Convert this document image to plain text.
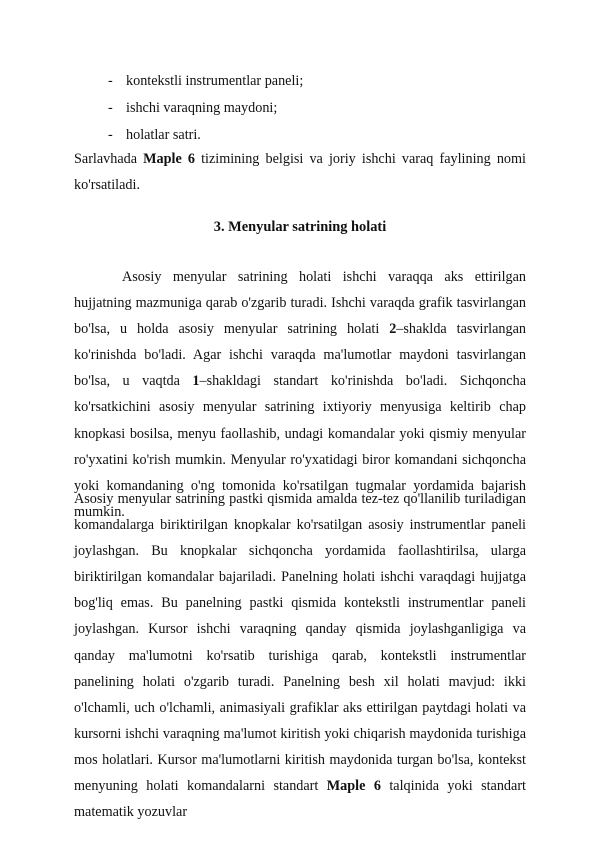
- kontekstli instrumentlar paneli;
- ishchi varaqning maydoni;
- holatlar satri.

Sarlavhada Maple 6 tizimining belgisi va joriy ishchi varaq faylining nomi ko'rsatiladi.

3. Menyular satrining holati

Asosiy menyular satrining holati ishchi varaqqa aks ettirilgan hujjatning mazmuniga qarab o'zgarib turadi. Ishchi varaqda grafik tasvirlangan bo'lsa, u holda asosiy menyular satrining holati 2–shaklda tasvirlangan ko'rinishda bo'ladi. Agar ishchi varaqda ma'lumotlar maydoni tasvirlangan bo'lsa, u vaqtda 1–shakldagi standart ko'rinishda bo'ladi. Sichqoncha ko'rsatkichini asosiy menyular satrining ixtiyoriy menyusiga keltirib chap knopkasi bosilsa, menyu faollashib, undagi komandalar yoki qismiy menyular ro'yxatini ko'rish mumkin. Menyular ro'yxatidagi biror komandani sichqoncha yoki komandaning o'ng tomonida ko'rsatilgan tugmalar yordamida bajarish mumkin.

Asosiy menyular satrining pastki qismida amalda tez-tez qo'llanilib turiladigan komandalarga biriktirilgan knopkalar ko'rsatilgan asosiy instrumentlar paneli joylashgan. Bu knopkalar sichqoncha yordamida faollashtirilsa, ularga biriktirilgan komandalar bajariladi. Panelning holati ishchi varaqdagi hujjatga bog'liq emas. Bu panelning pastki qismida kontekstli instrumentlar paneli joylashgan. Kursor ishchi varaqning qanday qismida joylashganligiga va qanday ma'lumotni ko'rsatib turishiga qarab, kontekstli instrumentlar panelining holati o'zgarib turadi. Panelning besh xil holati mavjud: ikki o'lchamli, uch o'lchamli, animasiyali grafiklar aks ettirilgan paytdagi holati va kursorni ishchi varaqning ma'lumot kiritish yoki chiqarish maydonida turishiga mos holatlari. Kursor ma'lumotlarni kiritish maydonida turgan bo'lsa, kontekst menyuning holati komandalarni standart Maple 6 talqinida yoki standart matematik yozuvlar
